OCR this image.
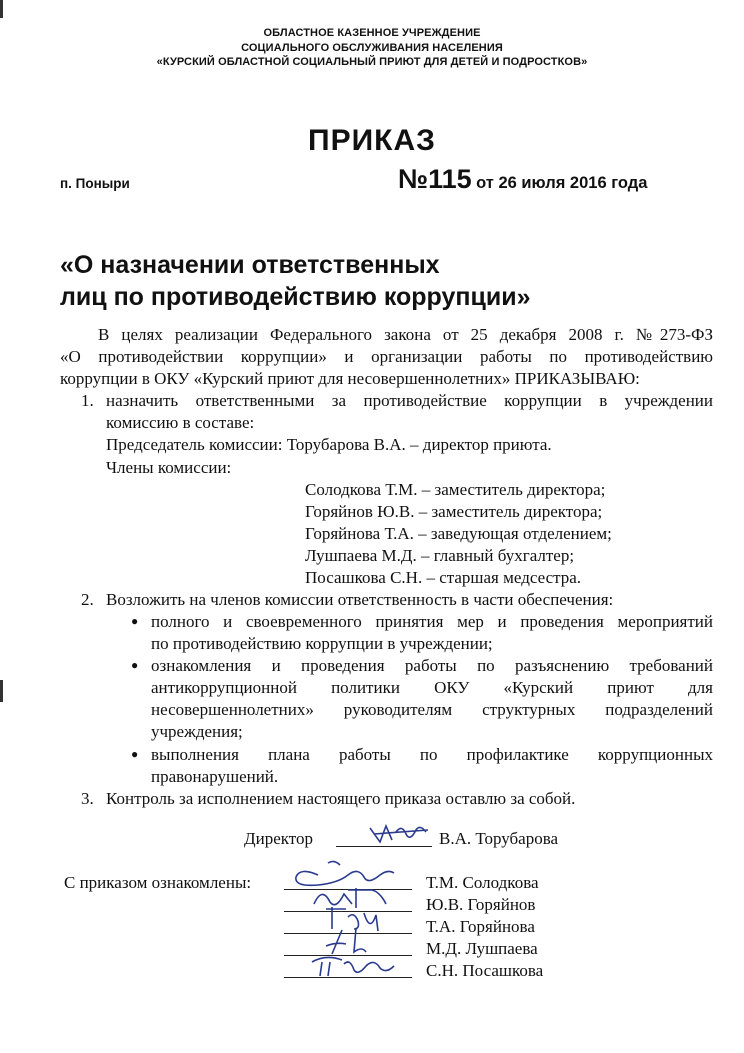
ОБЛАСТНОЕ КАЗЕННОЕ УЧРЕЖДЕНИЕ
СОЦИАЛЬНОГО ОБСЛУЖИВАНИЯ НАСЕЛЕНИЯ
«КУРСКИЙ ОБЛАСТНОЙ СОЦИАЛЬНЫЙ ПРИЮТ ДЛЯ ДЕТЕЙ И ПОДРОСТКОВ»
ПРИКАЗ
п. Поныри	№115 от 26 июля 2016 года
«О назначении ответственных
лиц по противодействию коррупции»
В целях реализации Федерального закона от 25 декабря 2008 г. №273-ФЗ
«О противодействии коррупции» и организации работы по противодействию
коррупции в ОКУ «Курский приют для несовершеннолетних» ПРИКАЗЫВАЮ:
1. назначить ответственными за противодействие коррупции в учреждении
комиссию в составе:
Председатель комиссии: Торубарова В.А. – директор приюта.
Члены комиссии:
Солодкова Т.М. – заместитель директора;
Горяйнов Ю.В. – заместитель директора;
Горяйнова Т.А. – заведующая отделением;
Лушпаева М.Д. – главный бухгалтер;
Посашкова С.Н. – старшая медсестра.
2. Возложить на членов комиссии ответственность в части обеспечения:
● полного и своевременного принятия мер и проведения мероприятий
по противодействию коррупции в учреждении;
● ознакомления и проведения работы по разъяснению требований
антикоррупционной политики ОКУ «Курский приют для
несовершеннолетних» руководителям структурных подразделений
учреждения;
● выполнения плана работы по профилактике коррупционных
правонарушений.
3. Контроль за исполнением настоящего приказа оставлю за собой.
Директор	В.А. Торубарова
С приказом ознакомлены:	Т.М. Солодкова
Ю.В. Горяйнов
Т.А. Горяйнова
М.Д. Лушпаева
С.Н. Посашкова
